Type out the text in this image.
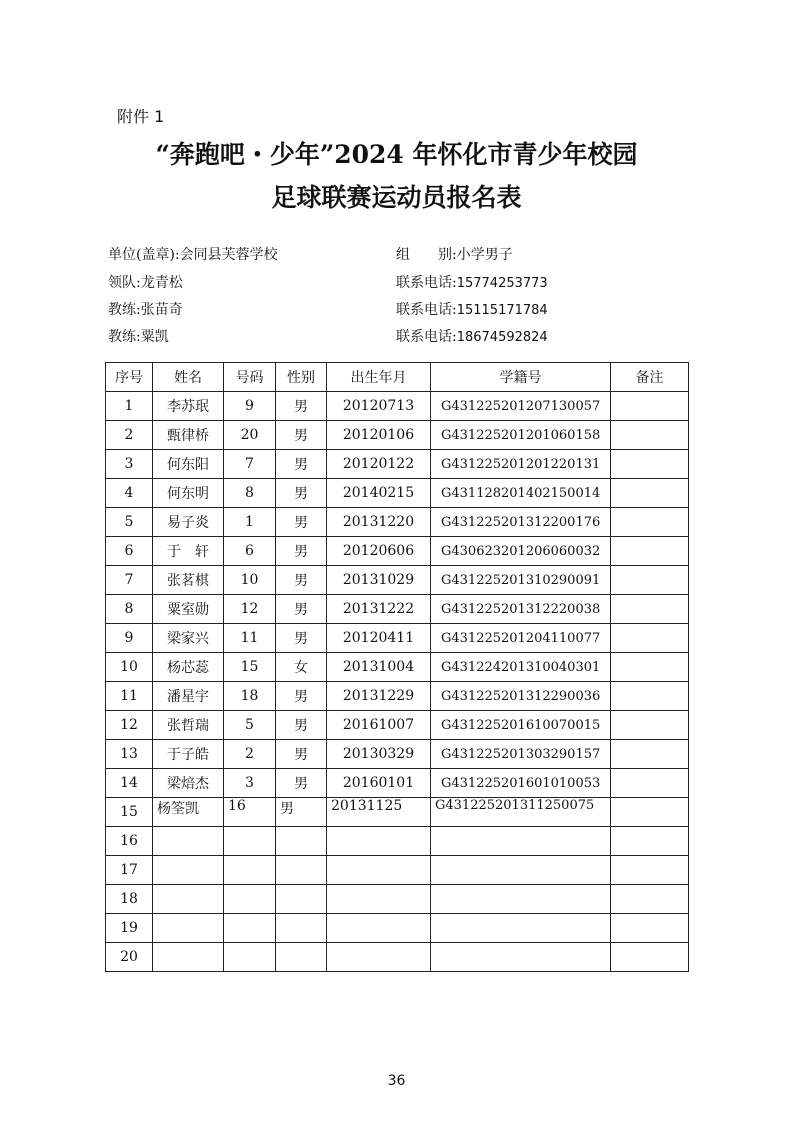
附件 1
“奔跑吧・少年”2024 年怀化市青少年校园
足球联赛运动员报名表
单位(盖章):会同县芙蓉学校	组　　别:小学男子
领队:龙青松	联系电话:15774253773
教练:张苗奇	联系电话:15115171784
教练:粟凯	联系电话:18674592824
序号	姓名	号码	性别	出生年月	学籍号	备注
1	李苏珉	9	男	20120713	G431225201207130057	
2	甄律桥	20	男	20120106	G431225201201060158	
3	何东阳	7	男	20120122	G431225201201220131	
4	何东明	8	男	20140215	G431128201402150014	
5	易子炎	1	男	20131220	G431225201312200176	
6	于　轩	6	男	20120606	G430623201206060032	
7	张茗棋	10	男	20131029	G431225201310290091	
8	粟室勋	12	男	20131222	G431225201312220038	
9	梁家兴	11	男	20120411	G431225201204110077	
10	杨芯蕊	15	女	20131004	G431224201310040301	
11	潘星宇	18	男	20131229	G431225201312290036	
12	张哲瑞	5	男	20161007	G431225201610070015	
13	于子皓	2	男	20130329	G431225201303290157	
14	梁焙杰	3	男	20160101	G431225201601010053	
15	杨筌凯	16	男	20131125	G431225201311250075	
16						
17						
18						
19						
20						
36
